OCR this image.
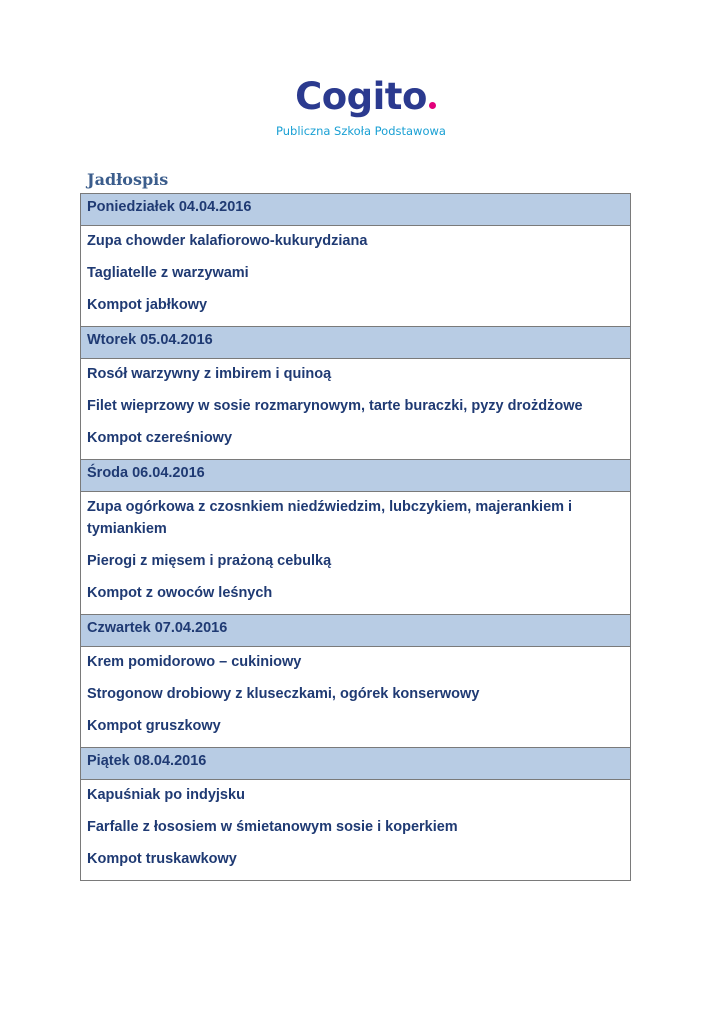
Cogito
Publiczna Szkoła Podstawowa
Jadłospis
Poniedziałek 04.04.2016
Zupa chowder kalafiorowo-kukurydziana
Tagliatelle z warzywami
Kompot jabłkowy
Wtorek 05.04.2016
Rosół warzywny z imbirem i quinoą
Filet wieprzowy w sosie rozmarynowym, tarte buraczki, pyzy drożdżowe
Kompot czereśniowy
Środa 06.04.2016
Zupa ogórkowa z czosnkiem niedźwiedzim, lubczykiem, majerankiem i tymiankiem
Pierogi z mięsem i prażoną cebulką
Kompot z owoców leśnych
Czwartek 07.04.2016
Krem pomidorowo – cukiniowy
Strogonow drobiowy z kluseczkami, ogórek konserwowy
Kompot gruszkowy
Piątek 08.04.2016
Kapuśniak po indyjsku
Farfalle z łososiem w śmietanowym sosie i koperkiem
Kompot truskawkowy
